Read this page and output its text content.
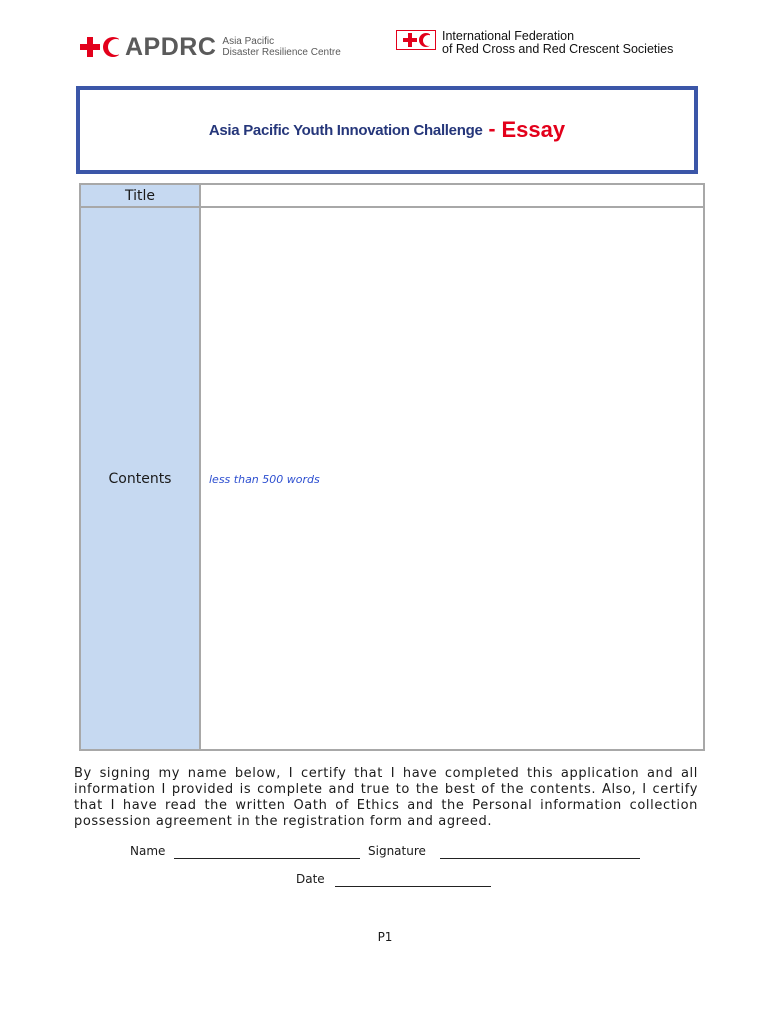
APDRC Asia Pacific
Disaster Resilience Centre
International Federation
of Red Cross and Red Crescent Societies
Asia Pacific Youth Innovation Challenge - Essay
Title
Contents	less than 500 words
By signing my name below, I certify that I have completed this application and all information I provided is complete and true to the best of the contents. Also, I certify that I have read the written Oath of Ethics and the Personal information collection possession agreement in the registration form and agreed.
Name	Signature
Date
P1
